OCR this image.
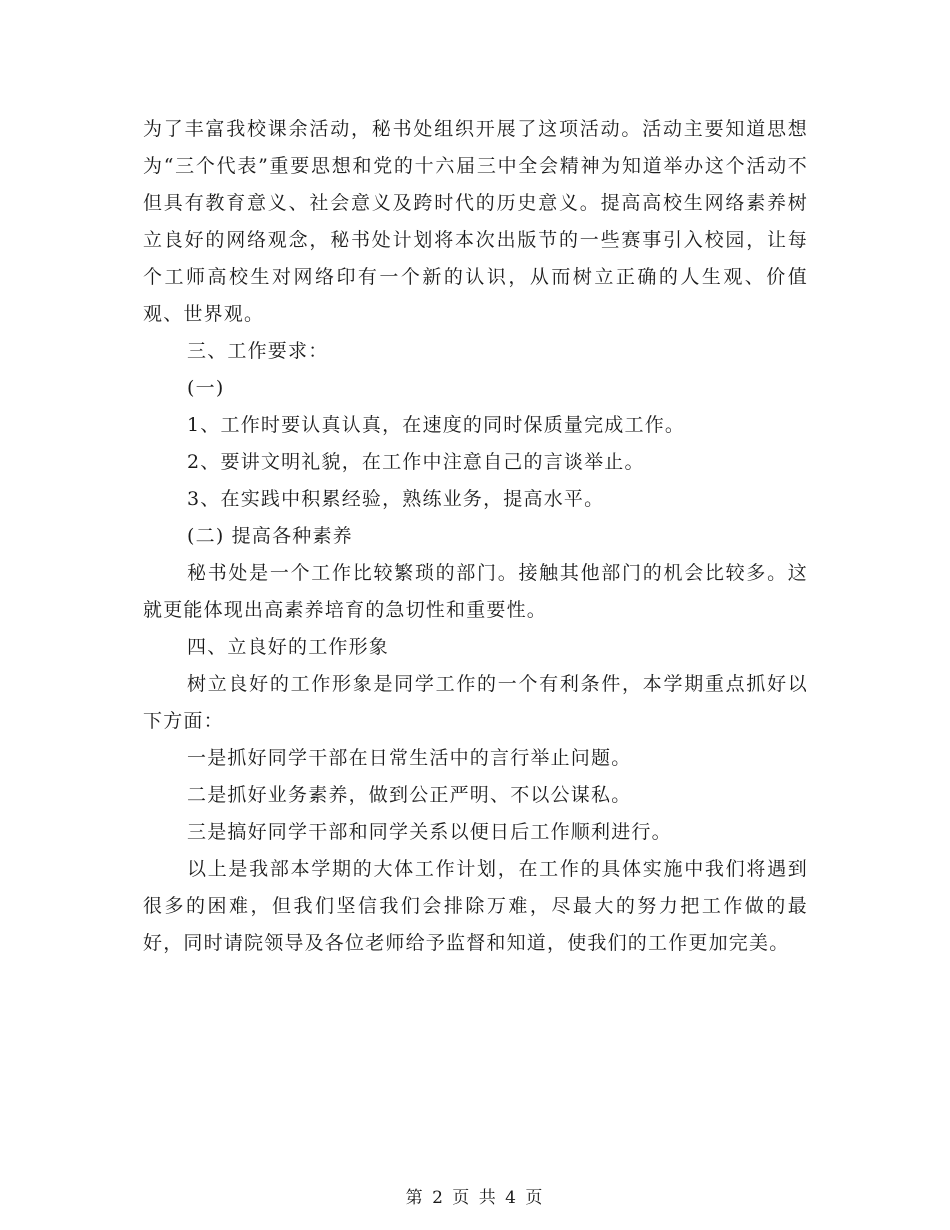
为了丰富我校课余活动，秘书处组织开展了这项活动。活动主要知道思想为“三个代表”重要思想和党的十六届三中全会精神为知道举办这个活动不但具有教育意义、社会意义及跨时代的历史意义。提高高校生网络素养树立良好的网络观念，秘书处计划将本次出版节的一些赛事引入校园，让每个工师高校生对网络印有一个新的认识，从而树立正确的人生观、价值观、世界观。

三、工作要求：

(一)

1、工作时要认真认真，在速度的同时保质量完成工作。

2、要讲文明礼貌，在工作中注意自己的言谈举止。

3、在实践中积累经验，熟练业务，提高水平。

(二) 提高各种素养

秘书处是一个工作比较繁琐的部门。接触其他部门的机会比较多。这就更能体现出高素养培育的急切性和重要性。

四、立良好的工作形象

树立良好的工作形象是同学工作的一个有利条件，本学期重点抓好以下方面：

一是抓好同学干部在日常生活中的言行举止问题。

二是抓好业务素养，做到公正严明、不以公谋私。

三是搞好同学干部和同学关系以便日后工作顺利进行。

以上是我部本学期的大体工作计划，在工作的具体实施中我们将遇到很多的困难，但我们坚信我们会排除万难，尽最大的努力把工作做的最好，同时请院领导及各位老师给予监督和知道，使我们的工作更加完美。

第 2 页 共 4 页
